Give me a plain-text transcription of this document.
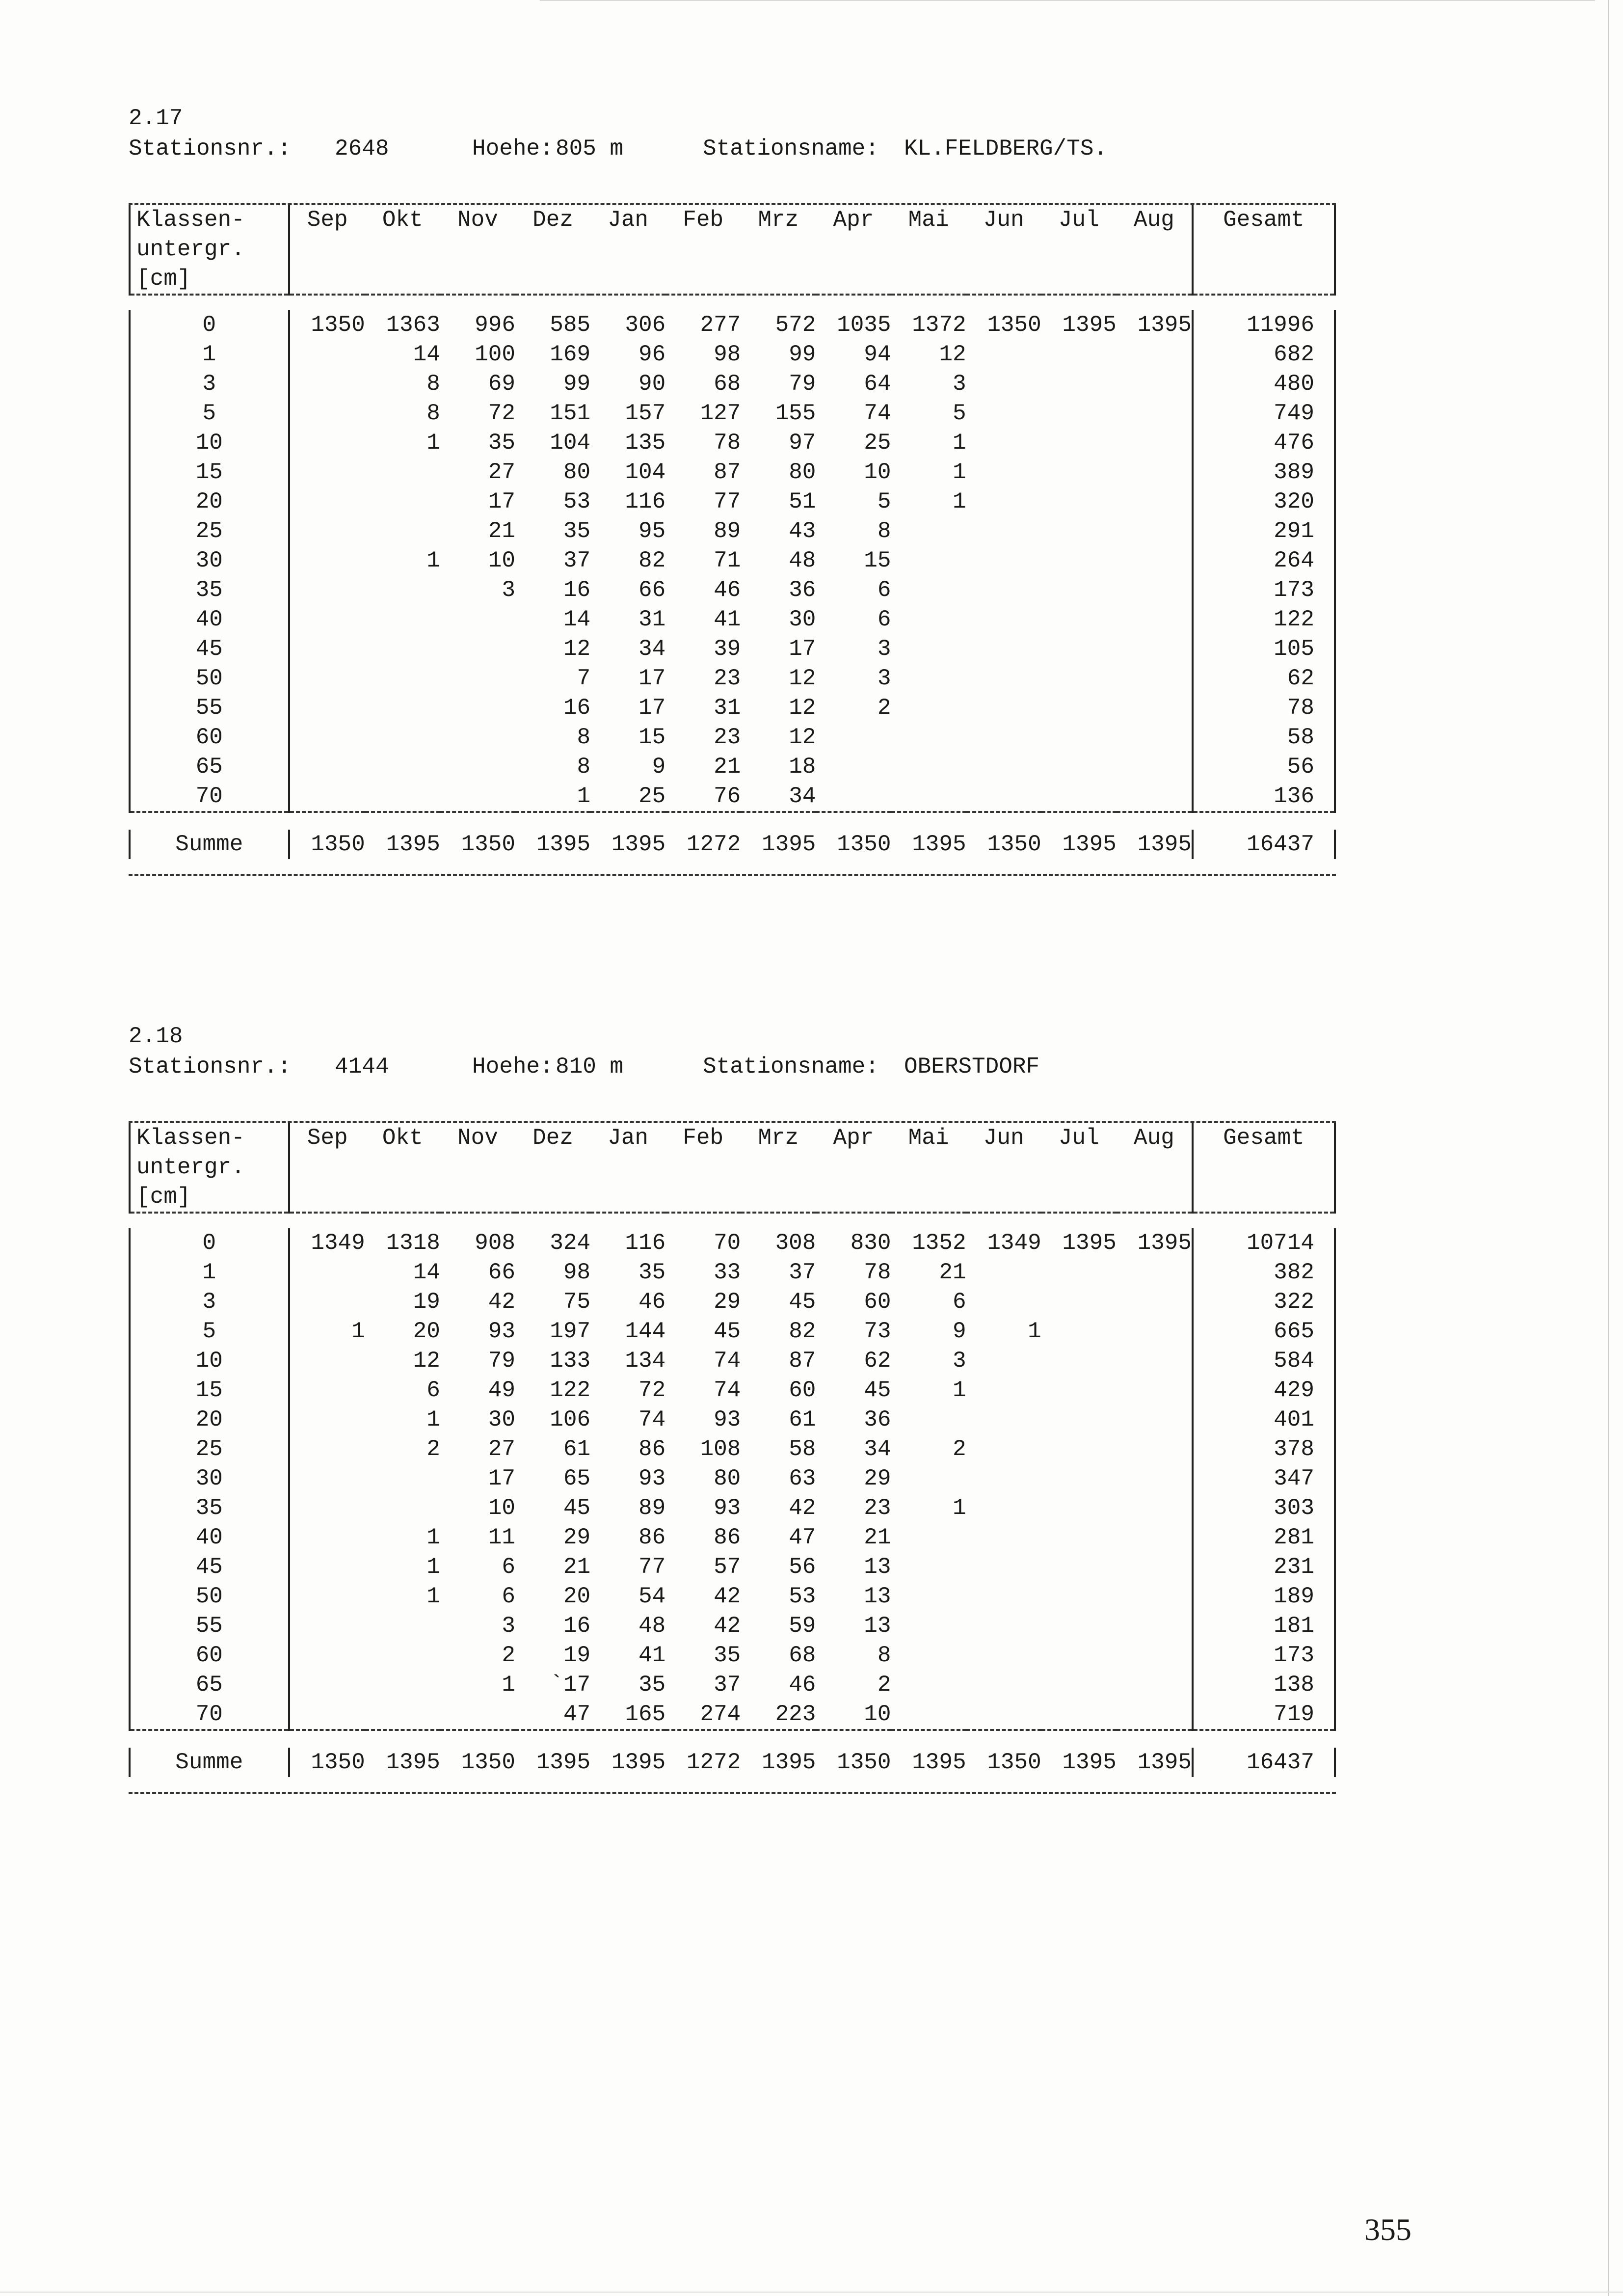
2.17
Stationsnr.: 2648	Hoehe:805 m	Stationsname: KL.FELDBERG/TS.
Klassen-	Sep	Okt	Nov	Dez	Jan	Feb	Mrz	Apr	Mai	Jun	Jul	Aug	Gesamt
untergr.													
[cm]													

0	1350	1363	996	585	306	277	572	1035	1372	1350	1395	1395	11996
1		14	100	169	96	98	99	94	12				682
3		8	69	99	90	68	79	64	3				480
5		8	72	151	157	127	155	74	5				749
10		1	35	104	135	78	97	25	1				476
15			27	80	104	87	80	10	1				389
20			17	53	116	77	51	5	1				320
25			21	35	95	89	43	8					291
30		1	10	37	82	71	48	15					264
35			3	16	66	46	36	6					173
40				14	31	41	30	6					122
45				12	34	39	17	3					105
50				7	17	23	12	3					62
55				16	17	31	12	2					78
60				8	15	23	12						58
65				8	9	21	18						56
70				1	25	76	34						136

Summe	1350	1395	1350	1395	1395	1272	1395	1350	1395	1350	1395	1395	16437
2.18
Stationsnr.: 4144	Hoehe:810 m	Stationsname: OBERSTDORF
Klassen-	Sep	Okt	Nov	Dez	Jan	Feb	Mrz	Apr	Mai	Jun	Jul	Aug	Gesamt
untergr.													
[cm]													

0	1349	1318	908	324	116	70	308	830	1352	1349	1395	1395	10714
1		14	66	98	35	33	37	78	21				382
3		19	42	75	46	29	45	60	6				322
5	1	20	93	197	144	45	82	73	9	1			665
10		12	79	133	134	74	87	62	3				584
15		6	49	122	72	74	60	45	1				429
20		1	30	106	74	93	61	36					401
25		2	27	61	86	108	58	34	2				378
30			17	65	93	80	63	29					347
35			10	45	89	93	42	23	1				303
40		1	11	29	86	86	47	21					281
45		1	6	21	77	57	56	13					231
50		1	6	20	54	42	53	13					189
55			3	16	48	42	59	13					181
60			2	19	41	35	68	8					173
65			1	`17	35	37	46	2					138
70				47	165	274	223	10					719

Summe	1350	1395	1350	1395	1395	1272	1395	1350	1395	1350	1395	1395	16437
355
